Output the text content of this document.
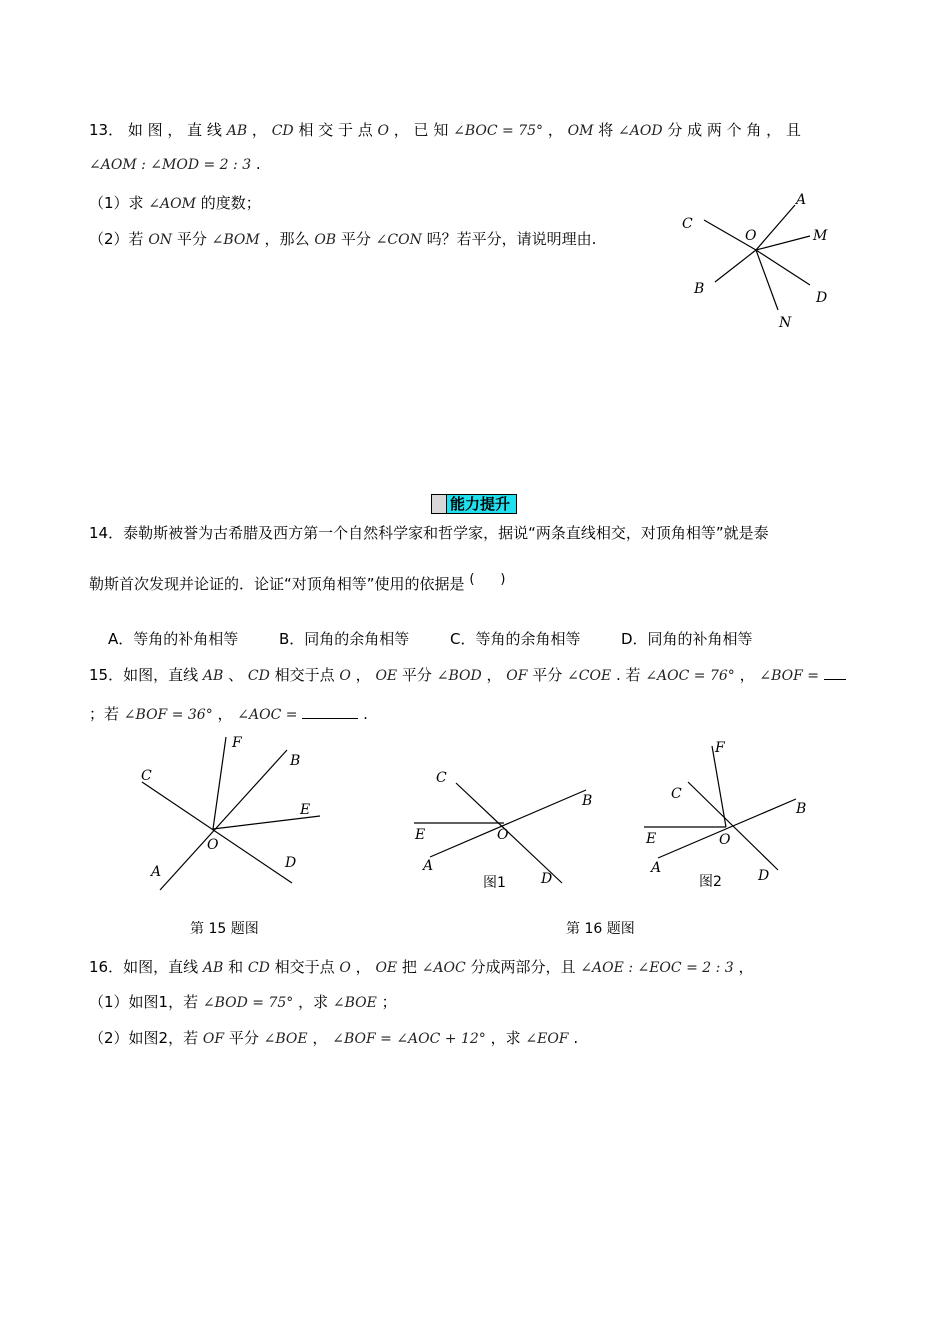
13． 如 图 ， 直 线 AB ， CD 相 交 于 点 O ， 已 知 ∠BOC = 75° ， OM 将 ∠AOD 分 成 两 个 角 ， 且
∠AOM : ∠MOD = 2 : 3 .
（1）求 ∠AOM 的度数；
（2）若 ON 平分 ∠BOM ，那么 OB 平分 ∠CON 吗？若平分，请说明理由.
A
C
O	M
B
D
N
能力提升
14．泰勒斯被誉为古希腊及西方第一个自然科学家和哲学家，据说“两条直线相交，对顶角相等”就是泰
勒斯首次发现并论证的．论证“对顶角相等”使用的依据是 (　　)
A．等角的补角相等	B．同角的余角相等	C．等角的余角相等	D．同角的补角相等
15．如图，直线 AB 、 CD 相交于点 O ， OE 平分 ∠BOD ， OF 平分 ∠COE . 若 ∠AOC = 76° ， ∠BOF =
；若 ∠BOF = 36° ， ∠AOC =	.
F
C
B
E
O
A
D
第 15 题图
C
B
E	O
A
D
图1
F
C
B
E	O
A	D
图2
第 16 题图
16．如图，直线 AB 和 CD 相交于点 O ， OE 把 ∠AOC 分成两部分，且 ∠AOE : ∠EOC = 2 : 3 ，
（1）如图1，若 ∠BOD = 75° ，求 ∠BOE ；
（2）如图2，若 OF 平分 ∠BOE ， ∠BOF = ∠AOC + 12° ，求 ∠EOF .
